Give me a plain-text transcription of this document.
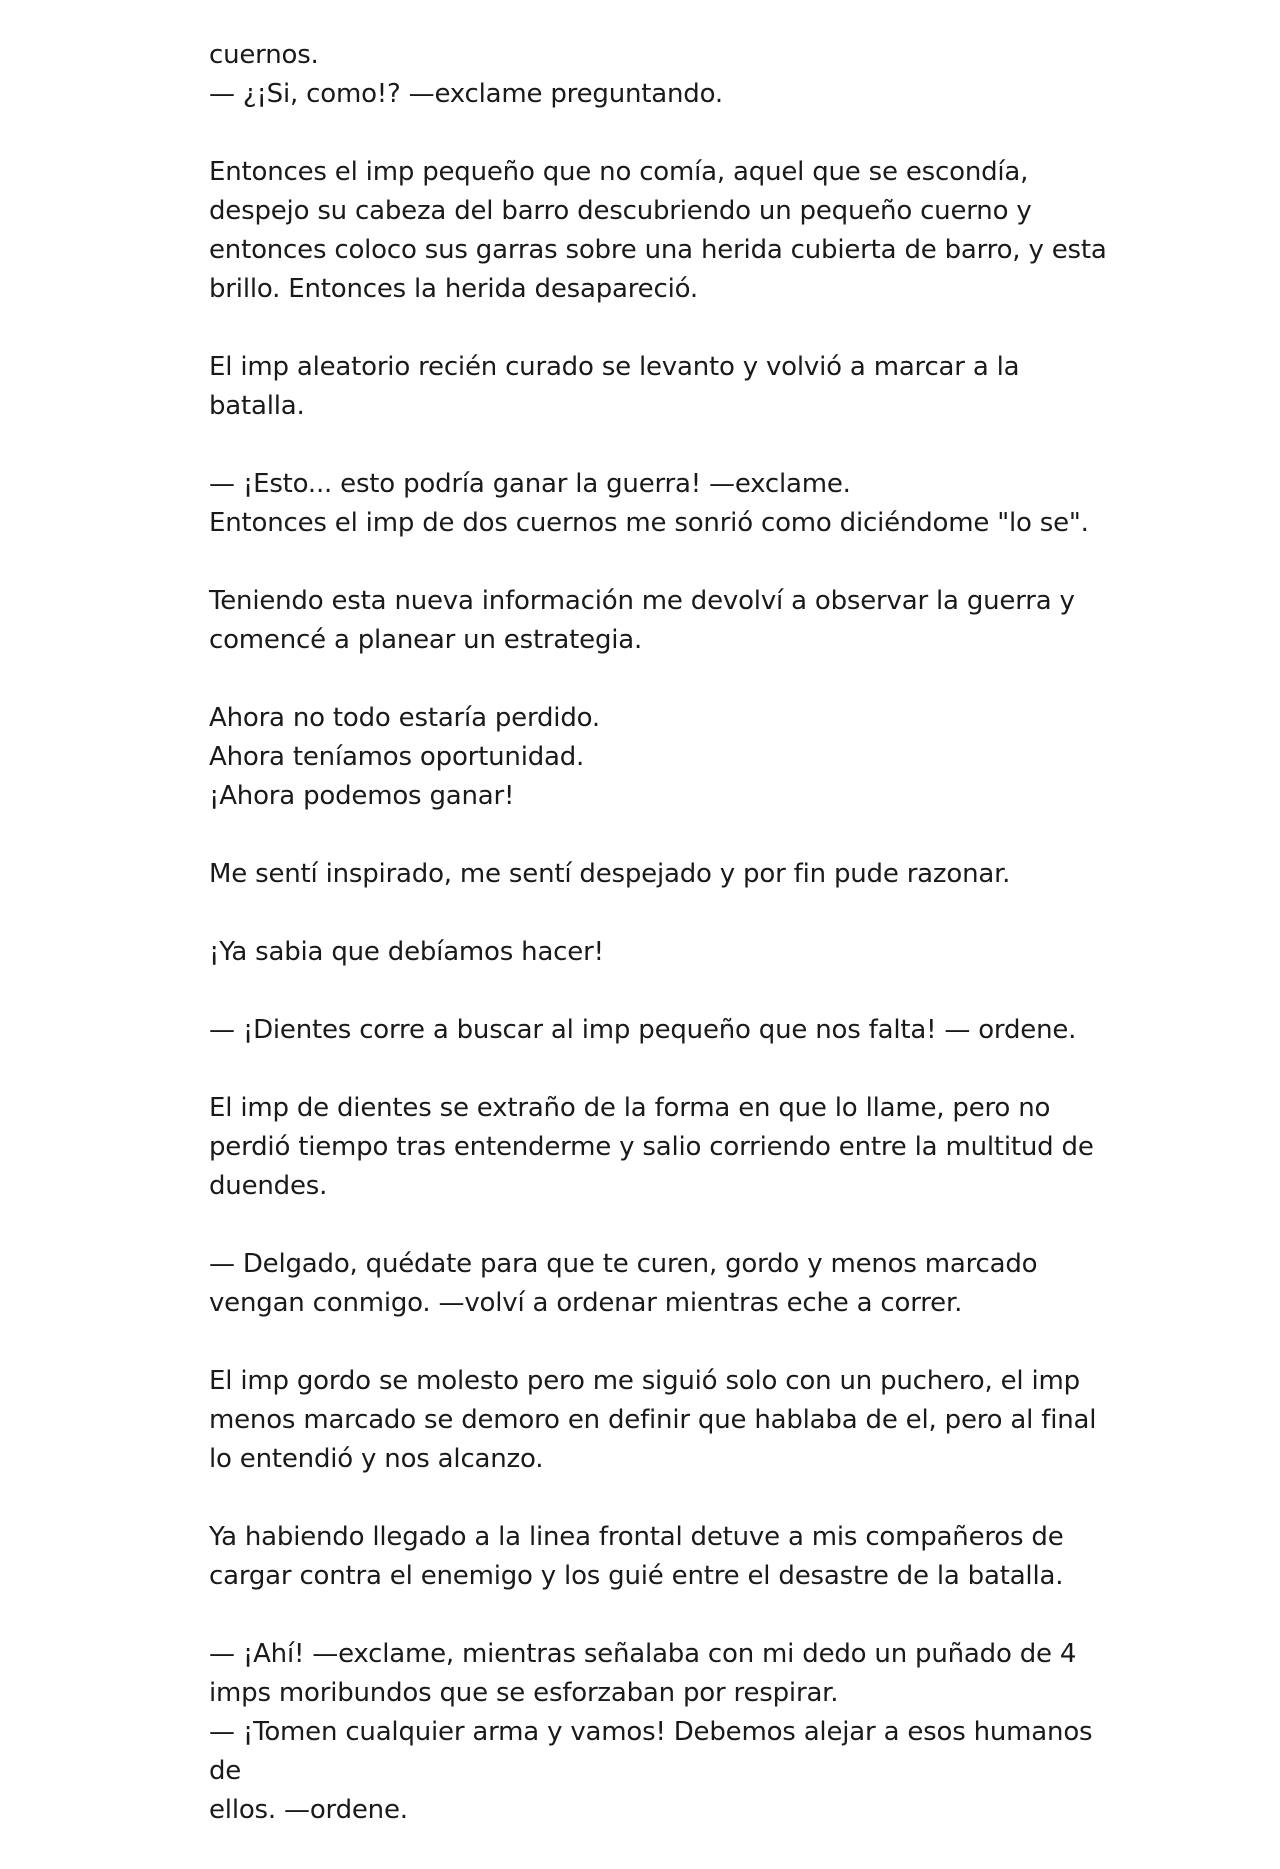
cuernos.
— ¿¡Si, como!? —exclame preguntando.

Entonces el imp pequeño que no comía, aquel que se escondía,
despejo su cabeza del barro descubriendo un pequeño cuerno y
entonces coloco sus garras sobre una herida cubierta de barro, y esta
brillo. Entonces la herida desapareció.

El imp aleatorio recién curado se levanto y volvió a marcar a la batalla.

— ¡Esto... esto podría ganar la guerra! —exclame.
Entonces el imp de dos cuernos me sonrió como diciéndome "lo se".

Teniendo esta nueva información me devolví a observar la guerra y
comencé a planear un estrategia.

Ahora no todo estaría perdido.
Ahora teníamos oportunidad.
¡Ahora podemos ganar!

Me sentí inspirado, me sentí despejado y por fin pude razonar.

¡Ya sabia que debíamos hacer!

— ¡Dientes corre a buscar al imp pequeño que nos falta! — ordene.

El imp de dientes se extraño de la forma en que lo llame, pero no
perdió tiempo tras entenderme y salio corriendo entre la multitud de
duendes.

— Delgado, quédate para que te curen, gordo y menos marcado
vengan conmigo. —volví a ordenar mientras eche a correr.

El imp gordo se molesto pero me siguió solo con un puchero, el imp
menos marcado se demoro en definir que hablaba de el, pero al final
lo entendió y nos alcanzo.

Ya habiendo llegado a la linea frontal detuve a mis compañeros de
cargar contra el enemigo y los guié entre el desastre de la batalla.

— ¡Ahí! —exclame, mientras señalaba con mi dedo un puñado de 4
imps moribundos que se esforzaban por respirar.
— ¡Tomen cualquier arma y vamos! Debemos alejar a esos humanos de
ellos. —ordene.
